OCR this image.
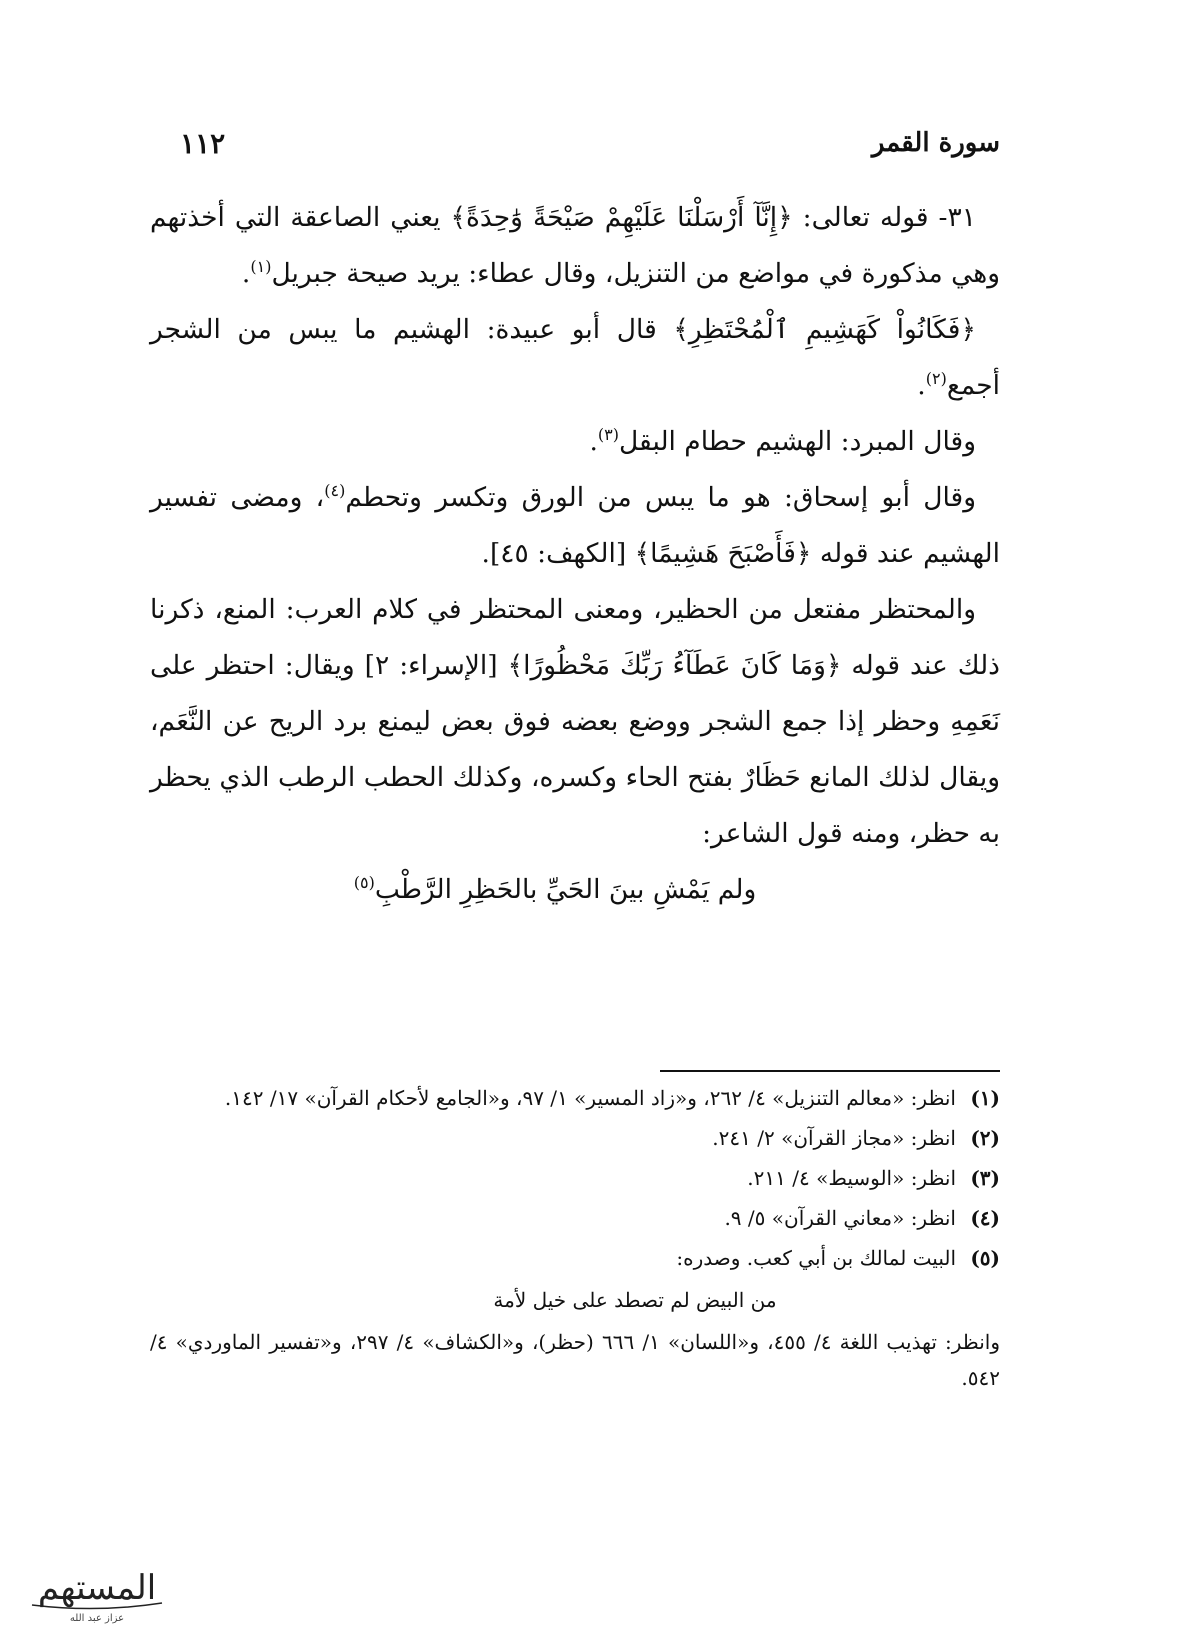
سورة القمر
١١٢

٣١- قوله تعالى: ﴿إِنَّآ أَرْسَلْنَا عَلَيْهِمْ صَيْحَةً وَٰحِدَةً﴾ يعني الصاعقة التي أخذتهم وهي مذكورة في مواضع من التنزيل، وقال عطاء: يريد صيحة جبريل$^{(١)}$.

﴿فَكَانُواْ كَهَشِيمِ ٱلْمُحْتَظِرِ﴾ قال أبو عبيدة: الهشيم ما يبس من الشجر أجمع$^{(٢)}$.

وقال المبرد: الهشيم حطام البقل$^{(٣)}$.

وقال أبو إسحاق: هو ما يبس من الورق وتكسر وتحطم$^{(٤)}$، ومضى تفسير الهشيم عند قوله ﴿فَأَصْبَحَ هَشِيمًا﴾ [الكهف: ٤٥].

والمحتظر مفتعل من الحظير، ومعنى المحتظر في كلام العرب: المنع، ذكرنا ذلك عند قوله ﴿وَمَا كَانَ عَطَآءُ رَبِّكَ مَحْظُورًا﴾ [الإسراء: ٢] ويقال: احتظر على نَعَمِهِ وحظر إذا جمع الشجر ووضع بعضه فوق بعض ليمنع برد الريح عن النَّعَم، ويقال لذلك المانع حَظَارٌ بفتح الحاء وكسره، وكذلك الحطب الرطب الذي يحظر به حظر، ومنه قول الشاعر:

ولم يَمْشِ بينَ الحَيِّ بالحَظِرِ الرَّطْبِ$^{(٥)}$

(١)
انظر: «معالم التنزيل» ٤/ ٢٦٢، و«زاد المسير» ١/ ٩٧، و«الجامع لأحكام القرآن» ١٧/ ١٤٢.
(٢)
انظر: «مجاز القرآن» ٢/ ٢٤١.
(٣)
انظر: «الوسيط» ٤/ ٢١١.
(٤)
انظر: «معاني القرآن» ٥/ ٩.
(٥)
البيت لمالك بن أبي كعب. وصدره:
من البيض لم تصطد على خيل لأمة
وانظر: تهذيب اللغة ٤/ ٤٥٥، و«اللسان» ١/ ٦٦٦ (حظر)، و«الكشاف» ٤/ ٢٩٧، و«تفسير الماوردي» ٤/ ٥٤٢.
المستهم
عزاز عبد الله
